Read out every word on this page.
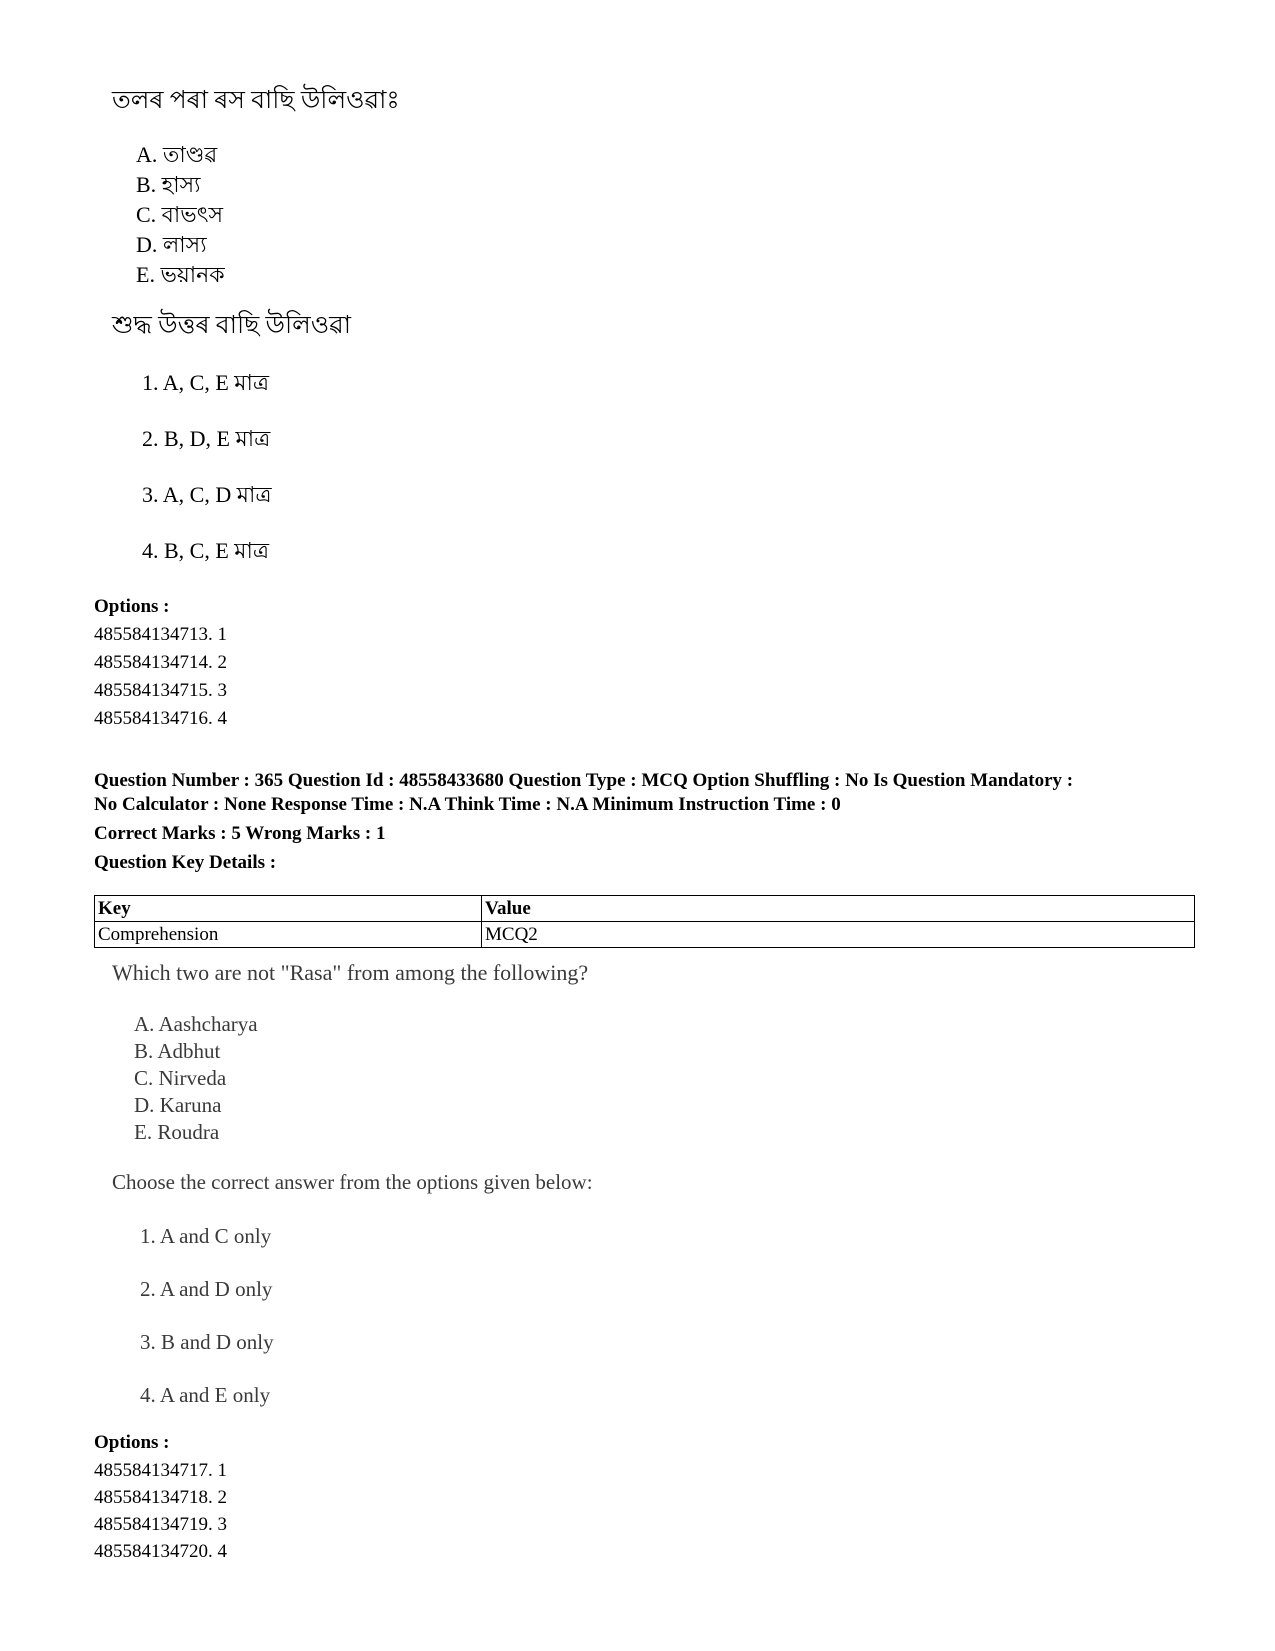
তলৰ পৰা ৰস বাছি উলিওৱাঃ
A. তাণ্ডৱ
B. হাস্য
C. বাভৎস
D. লাস্য
E. ভয়ানক
শুদ্ধ উত্তৰ বাছি উলিওৱা
1. A, C, E মাত্ৰ
2. B, D, E মাত্ৰ
3. A, C, D মাত্ৰ
4. B, C, E মাত্ৰ
Options :
485584134713. 1
485584134714. 2
485584134715. 3
485584134716. 4
Question Number : 365 Question Id : 48558433680 Question Type : MCQ Option Shuffling : No Is Question Mandatory :
No Calculator : None Response Time : N.A Think Time : N.A Minimum Instruction Time : 0
Correct Marks : 5 Wrong Marks : 1
Question Key Details :
Key	Value
Comprehension	MCQ2
Which two are not "Rasa" from among the following?
A. Aashcharya
B. Adbhut
C. Nirveda
D. Karuna
E. Roudra
Choose the correct answer from the options given below:
1. A and C only
2. A and D only
3. B and D only
4. A and E only
Options :
485584134717. 1
485584134718. 2
485584134719. 3
485584134720. 4
